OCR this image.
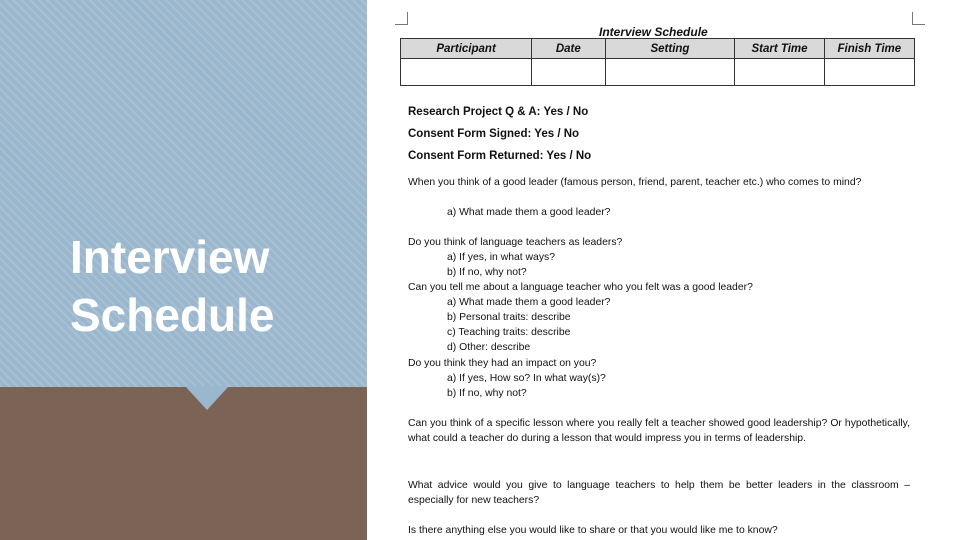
Interview
Schedule
Interview Schedule
Participant	Date	Setting	Start Time	Finish Time

Research Project Q & A: Yes / No
Consent Form Signed: Yes / No
Consent Form Returned: Yes / No
When you think of a good leader (famous person, friend, parent, teacher etc.) who comes to mind?
a) What made them a good leader?
Do you think of language teachers as leaders?
a) If yes, in what ways?
b) If no, why not?
Can you tell me about a language teacher who you felt was a good leader?
a) What made them a good leader?
b) Personal traits: describe
c) Teaching traits: describe
d) Other: describe
Do you think they had an impact on you?
a) If yes, How so? In what way(s)?
b) If no, why not?
Can you think of a specific lesson where you really felt a teacher showed good leadership? Or hypothetically, what could a teacher do during a lesson that would impress you in terms of leadership.
What advice would you give to language teachers to help them be better leaders in the classroom – especially for new teachers?
Is there anything else you would like to share or that you would like me to know?
